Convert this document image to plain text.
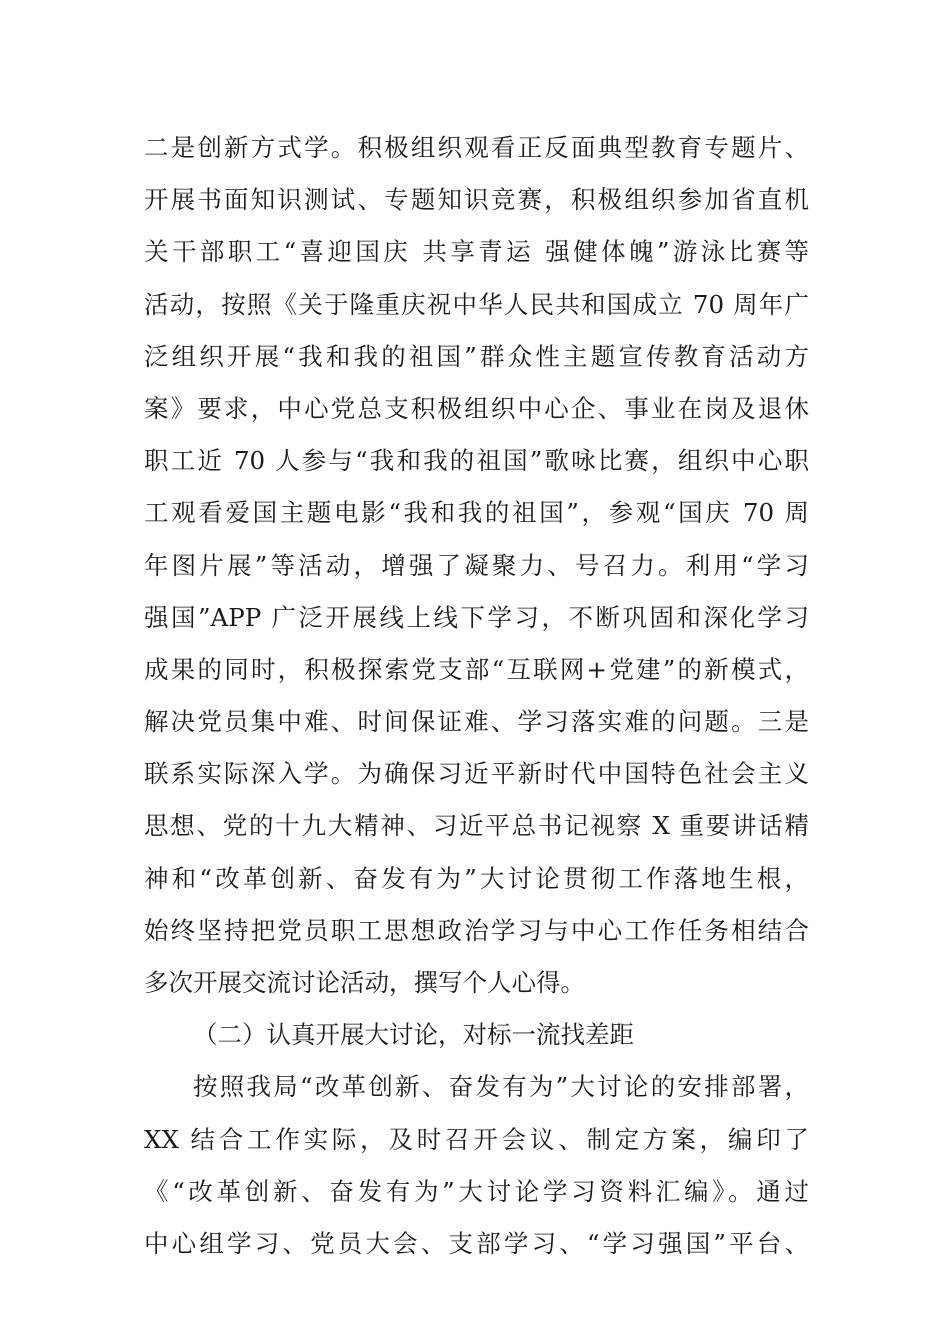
二是创新方式学。积极组织观看正反面典型教育专题片、
开展书面知识测试、专题知识竞赛，积极组织参加省直机
关干部职工“喜迎国庆 共享青运 强健体魄”游泳比赛等
活动，按照《关于隆重庆祝中华人民共和国成立 70 周年广
泛组织开展“我和我的祖国”群众性主题宣传教育活动方
案》要求，中心党总支积极组织中心企、事业在岗及退休
职工近 70 人参与“我和我的祖国”歌咏比赛，组织中心职
工观看爱国主题电影“我和我的祖国”，参观“国庆 70 周
年图片展”等活动，增强了凝聚力、号召力。利用“学习
强国”APP 广泛开展线上线下学习，不断巩固和深化学习
成果的同时，积极探索党支部“互联网+党建”的新模式，
解决党员集中难、时间保证难、学习落实难的问题。三是
联系实际深入学。为确保习近平新时代中国特色社会主义
思想、党的十九大精神、习近平总书记视察 X 重要讲话精
神和“改革创新、奋发有为”大讨论贯彻工作落地生根，
始终坚持把党员职工思想政治学习与中心工作任务相结合
多次开展交流讨论活动，撰写个人心得。
（二）认真开展大讨论，对标一流找差距
按照我局“改革创新、奋发有为”大讨论的安排部署，
XX 结合工作实际，及时召开会议、制定方案，编印了
《“改革创新、奋发有为”大讨论学习资料汇编》。通过
中心组学习、党员大会、支部学习、“学习强国”平台、
